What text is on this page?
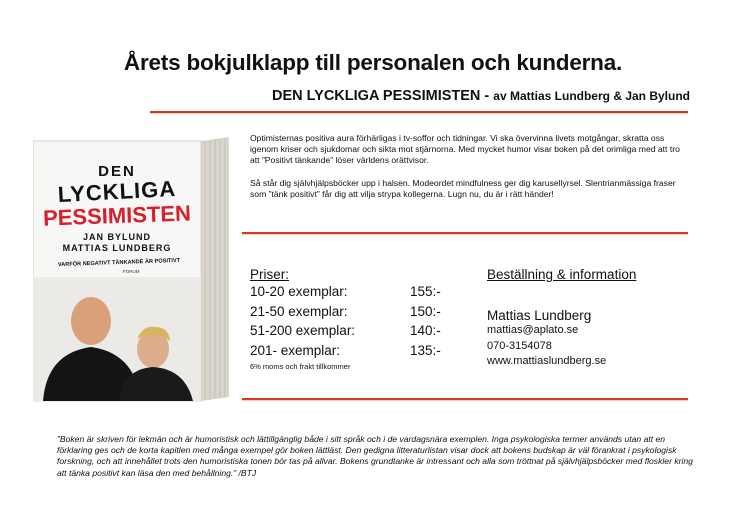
Årets bokjulklapp till personalen och kunderna.
DEN LYCKLIGA PESSIMISTEN - av Mattias Lundberg & Jan Bylund
DEN
LYCKLIGA
PESSIMISTEN
JAN BYLUND
MATTIAS LUNDBERG
VARFÖR NEGATIVT TÄNKANDE ÄR POSITIVT
FORUM

Optimisternas positiva aura förhärligas i tv-soffor och tidningar. Vi ska övervinna livets motgångar, skratta oss igenom kriser och sjukdomar och sikta mot stjärnorna. Med mycket humor visar boken på det orimliga med att tro att ”Positivt tänkande” löser världens orättvisor.

Så står dig självhjälpsböcker upp i halsen. Modeordet mindfulness ger dig karusellyrsel. Slentrianmässiga fraser som ”tänk positivt” får dig att vilja strypa kollegerna. Lugn nu, du är i rätt händer!

Priser:
10-20 exemplar:	155:-
21-50 exemplar:	150:-
51-200 exemplar:	140:-
201- exemplar:	135:-
6% moms och frakt tillkommer
Beställning & information
Mattias Lundberg
mattias@aplato.se
070-3154078
www.mattiaslundberg.se
”Boken är skriven för lekmän och är humoristisk och lättillgänglig både i sitt språk och i de vardagsnära exemplen. Inga psykologiska termer används utan att en förklaring ges och de korta kapitlen med många exempel gör boken lättläst. Den gedigna litteraturlistan visar dock att bokens budskap är väl förankrat i psykologisk forskning, och att innehållet trots den humoristiska tonen bör tas på allvar. Bokens grundtanke är intressant och alla som tröttnat på självhjälpsböcker med floskler kring att tänka positivt kan läsa den med behållning.” /BTJ
